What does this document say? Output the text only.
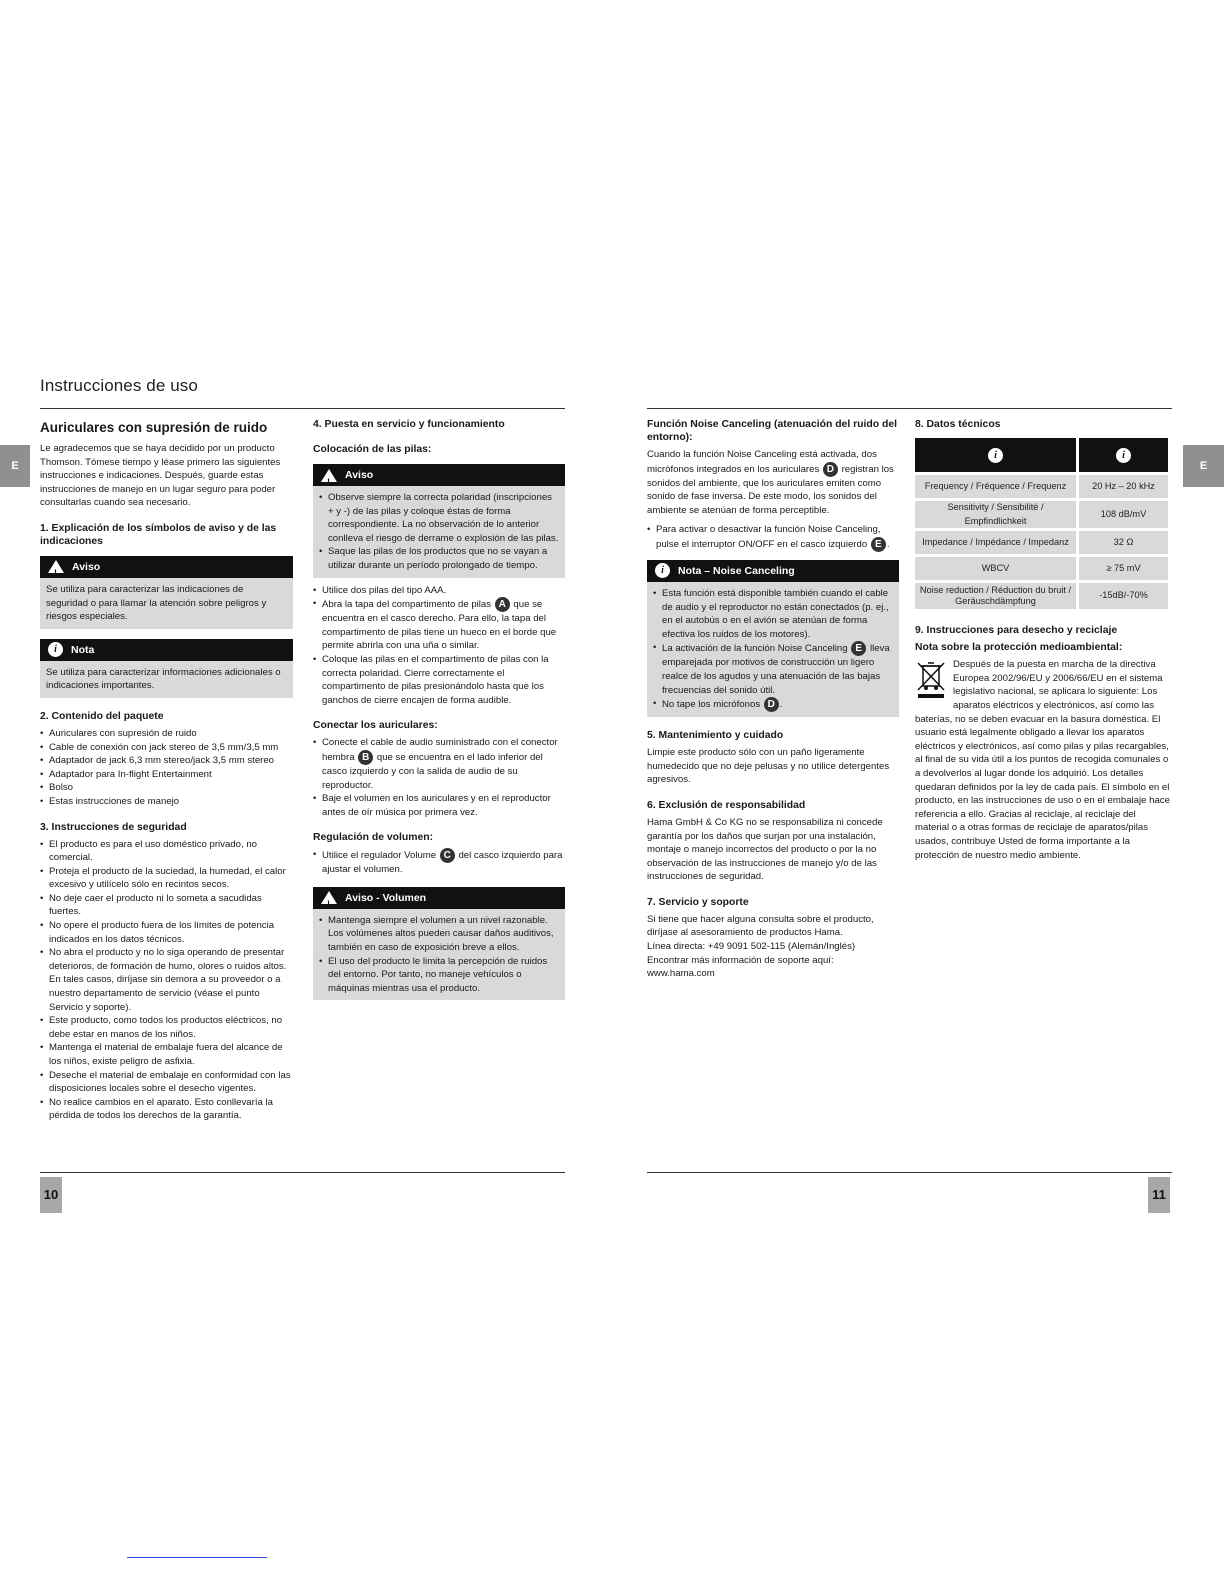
Instrucciones de uso
E	E
Auriculares con supresión de ruido

Le agradecemos que se haya decidido por un producto Thomson. Tómese tiempo y léase primero las siguientes instrucciones e indicaciones. Después, guarde estas instrucciones de manejo en un lugar seguro para poder consultarlas cuando sea necesario.

1. Explicación de los símbolos de aviso y de las indicaciones
!
Aviso
Se utiliza para caracterizar las indicaciones de seguridad o para llamar la atención sobre peligros y riesgos especiales.
i	Nota
Se utiliza para caracterizar informaciones adicionales o indicaciones importantes.
2. Contenido del paquete
• Auriculares con supresión de ruido
• Cable de conexión con jack stereo de 3,5 mm/3,5 mm
• Adaptador de jack 6,3 mm stereo/jack 3,5 mm stereo
• Adaptador para In-flight Entertainment
• Bolso
• Estas instrucciones de manejo
3. Instrucciones de seguridad
• El producto es para el uso doméstico privado, no comercial.
• Proteja el producto de la suciedad, la humedad, el calor excesivo y utilícelo sólo en recintos secos.
• No deje caer el producto ni lo someta a sacudidas fuertes.
• No opere el producto fuera de los límites de potencia indicados en los datos técnicos.
• No abra el producto y no lo siga operando de presentar deterioros, de formación de humo, olores o ruidos altos. En tales casos, diríjase sin demora a su proveedor o a nuestro departamento de servicio (véase el punto Servicio y soporte).
• Este producto, como todos los productos eléctricos, no debe estar en manos de los niños.
• Mantenga el material de embalaje fuera del alcance de los niños, existe peligro de asfixia.
• Deseche el material de embalaje en conformidad con las disposiciones locales sobre el desecho vigentes.
• No realice cambios en el aparato. Esto conllevaría la pérdida de todos los derechos de la garantía.
4. Puesta en servicio y funcionamiento
Colocación de las pilas:
!
Aviso
• Observe siempre la correcta polaridad (inscripciones + y -) de las pilas y coloque éstas de forma correspondiente. La no observación de lo anterior conlleva el riesgo de derrame o explosión de las pilas.
• Saque las pilas de los productos que no se vayan a utilizar durante un período prolongado de tiempo.
• Utilice dos pilas del tipo AAA.
• Abra la tapa del compartimento de pilas A que se encuentra en el casco derecho. Para ello, la tapa del compartimento de pilas tiene un hueco en el borde que permite abrirla con una uña o similar.
• Coloque las pilas en el compartimento de pilas con la correcta polaridad. Cierre correctamente el compartimento de pilas presionándolo hasta que los ganchos de cierre encajen de forma audible.
Conectar los auriculares:
• Conecte el cable de audio suministrado con el conector hembra B que se encuentra en el lado inferior del casco izquierdo y con la salida de audio de su reproductor.
• Baje el volumen en los auriculares y en el reproductor antes de oír música por primera vez.
Regulación de volumen:
• Utilice el regulador Volume C del casco izquierdo para ajustar el volumen.
!
Aviso - Volumen
• Mantenga siempre el volumen a un nivel razonable. Los volúmenes altos pueden causar daños auditivos, también en caso de exposición breve a ellos.
• El uso del producto le limita la percepción de ruidos del entorno. Por tanto, no maneje vehículos o máquinas mientras usa el producto.
Función Noise Canceling (atenuación del ruido del entorno):

Cuando la función Noise Canceling está activada, dos micrófonos integrados en los auriculares D registran los sonidos del ambiente, que los auriculares emiten como sonido de fase inversa. De este modo, los sonidos del ambiente se atenúan de forma perceptible.

• Para activar o desactivar la función Noise Canceling, pulse el interruptor ON/OFF en el casco izquierdo E .
i	Nota – Noise Canceling
• Esta función está disponible también cuando el cable de audio y el reproductor no están conectados (p. ej., en el autobús o en el avión se atenúan de forma efectiva los ruidos de los motores).
• La activación de la función Noise Canceling E lleva emparejada por motivos de construcción un ligero realce de los agudos y una atenuación de las bajas frecuencias del sonido útil.
• No tape los micrófonos D .
5. Mantenimiento y cuidado

Limpie este producto sólo con un paño ligeramente humedecido que no deje pelusas y no utilice detergentes agresivos.

6. Exclusión de responsabilidad

Hama GmbH & Co KG no se responsabiliza ni concede garantía por los daños que surjan por una instalación, montaje o manejo incorrectos del producto o por la no observación de las instrucciones de manejo y/o de las instrucciones de seguridad.

7. Servicio y soporte
Si tiene que hacer alguna consulta sobre el producto, diríjase al asesoramiento de productos Hama.
Línea directa: +49 9091 502-115 (Alemán/Inglés)
Encontrar más información de soporte aquí:
www.hama.com
8. Datos técnicos
i	i
Frequency / Fréquence / Frequenz	20 Hz – 20 kHz
Sensitivity / Sensibilité / Empfindlichkeit	108 dB/mV
Impedance / Impédance / Impedanz	32 Ω
WBCV	≥ 75 mV
Noise reduction / Réduction du bruit / Geräuschdämpfung	-15dB/-70%
9. Instrucciones para desecho y reciclaje
Nota sobre la protección medioambiental:
Después de la puesta en marcha de la directiva Europea 2002/96/EU y 2006/66/EU en el sistema legislativo nacional, se aplicara lo siguiente: Los aparatos eléctricos y electrónicos, así como las baterías, no se deben evacuar en la basura doméstica. El usuario está legalmente obligado a llevar los aparatos eléctricos y electrónicos, así como pilas y pilas recargables, al final de su vida útil a los puntos de recogida comunales o a devolverlos al lugar donde los adquirió. Los detalles quedaran definidos por la ley de cada país. El símbolo en el producto, en las instrucciones de uso o en el embalaje hace referencia a ello. Gracias al reciclaje, al reciclaje del material o a otras formas de reciclaje de aparatos/pilas usados, contribuye Usted de forma importante a la protección de nuestro medio ambiente.
10	11
